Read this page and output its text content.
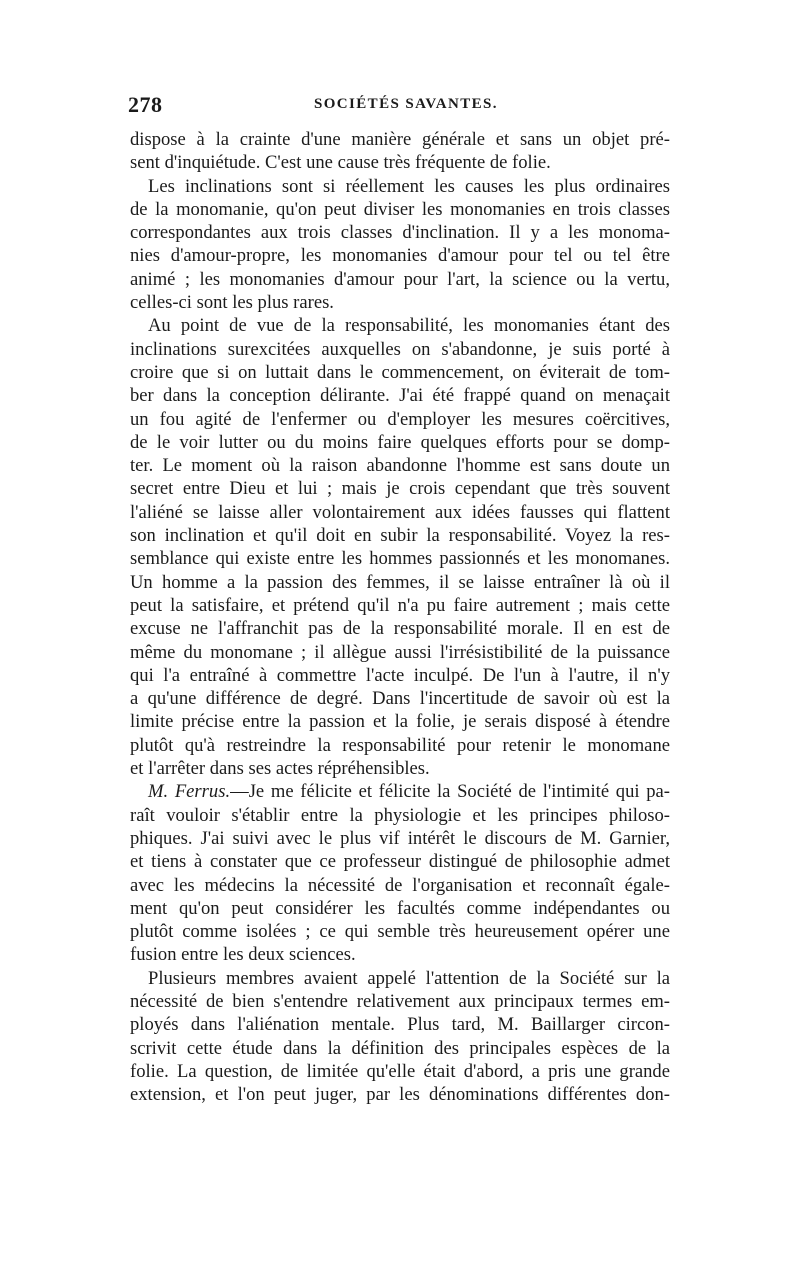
278	SOCIÉTÉS SAVANTES.
dispose à la crainte d'une manière générale et sans un objet pré-
sent d'inquiétude. C'est une cause très fréquente de folie.
Les inclinations sont si réellement les causes les plus ordinaires
de la monomanie, qu'on peut diviser les monomanies en trois classes
correspondantes aux trois classes d'inclination. Il y a les monoma-
nies d'amour-propre, les monomanies d'amour pour tel ou tel être
animé ; les monomanies d'amour pour l'art, la science ou la vertu,
celles-ci sont les plus rares.
Au point de vue de la responsabilité, les monomanies étant des
inclinations surexcitées auxquelles on s'abandonne, je suis porté à
croire que si on luttait dans le commencement, on éviterait de tom-
ber dans la conception délirante. J'ai été frappé quand on menaçait
un fou agité de l'enfermer ou d'employer les mesures coërcitives,
de le voir lutter ou du moins faire quelques efforts pour se domp-
ter. Le moment où la raison abandonne l'homme est sans doute un
secret entre Dieu et lui ; mais je crois cependant que très souvent
l'aliéné se laisse aller volontairement aux idées fausses qui flattent
son inclination et qu'il doit en subir la responsabilité. Voyez la res-
semblance qui existe entre les hommes passionnés et les monomanes.
Un homme a la passion des femmes, il se laisse entraîner là où il
peut la satisfaire, et prétend qu'il n'a pu faire autrement ; mais cette
excuse ne l'affranchit pas de la responsabilité morale. Il en est de
même du monomane ; il allègue aussi l'irrésistibilité de la puissance
qui l'a entraîné à commettre l'acte inculpé. De l'un à l'autre, il n'y
a qu'une différence de degré. Dans l'incertitude de savoir où est la
limite précise entre la passion et la folie, je serais disposé à étendre
plutôt qu'à restreindre la responsabilité pour retenir le monomane
et l'arrêter dans ses actes répréhensibles.
M. Ferrus.—Je me félicite et félicite la Société de l'intimité qui pa-
raît vouloir s'établir entre la physiologie et les principes philoso-
phiques. J'ai suivi avec le plus vif intérêt le discours de M. Garnier,
et tiens à constater que ce professeur distingué de philosophie admet
avec les médecins la nécessité de l'organisation et reconnaît égale-
ment qu'on peut considérer les facultés comme indépendantes ou
plutôt comme isolées ; ce qui semble très heureusement opérer une
fusion entre les deux sciences.
Plusieurs membres avaient appelé l'attention de la Société sur la
nécessité de bien s'entendre relativement aux principaux termes em-
ployés dans l'aliénation mentale. Plus tard, M. Baillarger circon-
scrivit cette étude dans la définition des principales espèces de la
folie. La question, de limitée qu'elle était d'abord, a pris une grande
extension, et l'on peut juger, par les dénominations différentes don-
